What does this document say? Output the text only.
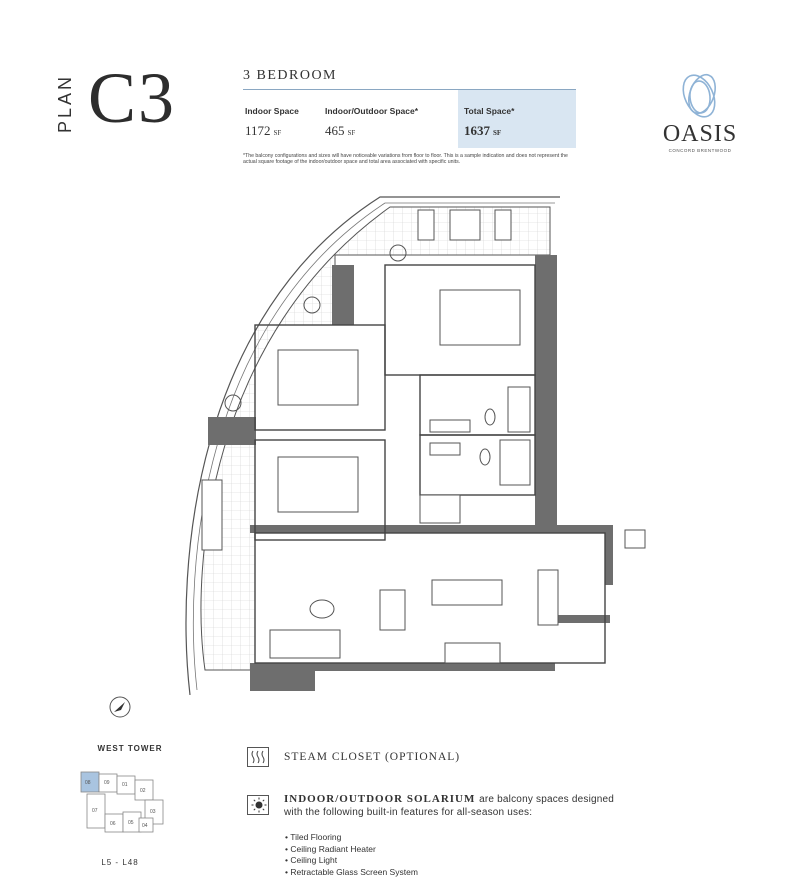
PLAN C3	3 BEDROOM
Indoor Space
1172 SF
Indoor/Outdoor Space*
465 SF
Total Space*
1637 SF
*The balcony configurations and sizes will have noticeable variations from floor to floor. This is a sample indication and does not represent the actual square footage of the indoor/outdoor space and total area associated with specific units.
OASIS
CONCORD BRENTWOOD
WEST TOWER
08	09 01
02
03
07
06 05 04
L5 - L48
STEAM CLOSET (OPTIONAL)
INDOOR/OUTDOOR SOLARIUM are balcony spaces designed
with the following built-in features for all-season uses:
• Tiled Flooring
• Ceiling Radiant Heater
• Ceiling Light
• Retractable Glass Screen System
